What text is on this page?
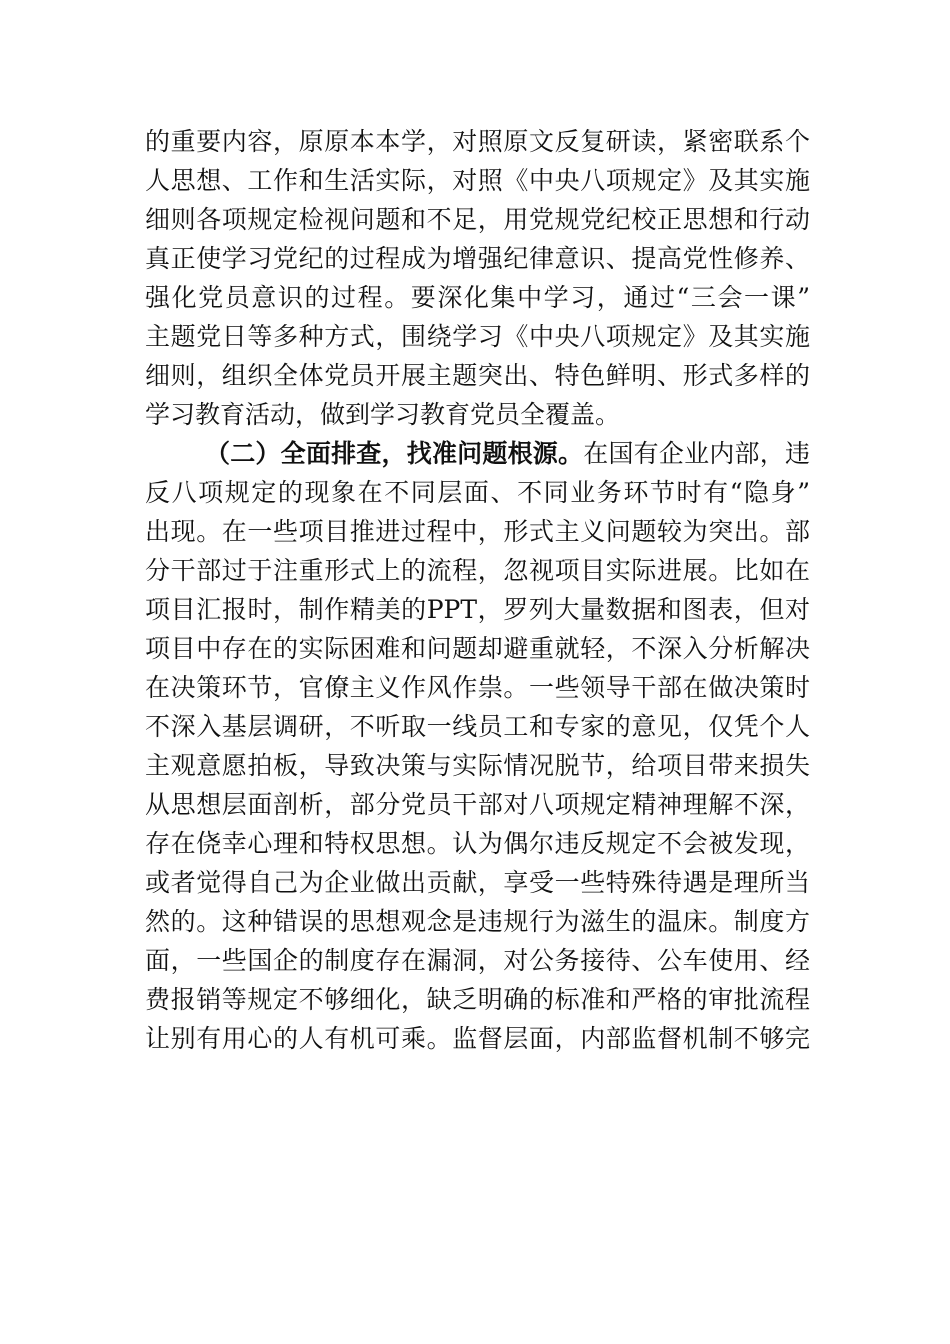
的重要内容，原原本本学，对照原文反复研读，紧密联系个
人思想、工作和生活实际，对照《中央八项规定》及其实施
细则各项规定检视问题和不足，用党规党纪校正思想和行动
真正使学习党纪的过程成为增强纪律意识、提高党性修养、
强化党员意识的过程。要深化集中学习，通过“三会一课”
主题党日等多种方式，围绕学习《中央八项规定》及其实施
细则，组织全体党员开展主题突出、特色鲜明、形式多样的
学习教育活动，做到学习教育党员全覆盖。
（二）全面排查，找准问题根源。在国有企业内部，违
反八项规定的现象在不同层面、不同业务环节时有“隐身”
出现。在一些项目推进过程中，形式主义问题较为突出。部
分干部过于注重形式上的流程，忽视项目实际进展。比如在
项目汇报时，制作精美的PPT，罗列大量数据和图表，但对
项目中存在的实际困难和问题却避重就轻，不深入分析解决
在决策环节，官僚主义作风作祟。一些领导干部在做决策时
不深入基层调研，不听取一线员工和专家的意见，仅凭个人
主观意愿拍板，导致决策与实际情况脱节，给项目带来损失
从思想层面剖析，部分党员干部对八项规定精神理解不深，
存在侥幸心理和特权思想。认为偶尔违反规定不会被发现，
或者觉得自己为企业做出贡献，享受一些特殊待遇是理所当
然的。这种错误的思想观念是违规行为滋生的温床。制度方
面，一些国企的制度存在漏洞，对公务接待、公车使用、经
费报销等规定不够细化，缺乏明确的标准和严格的审批流程
让别有用心的人有机可乘。监督层面，内部监督机制不够完
